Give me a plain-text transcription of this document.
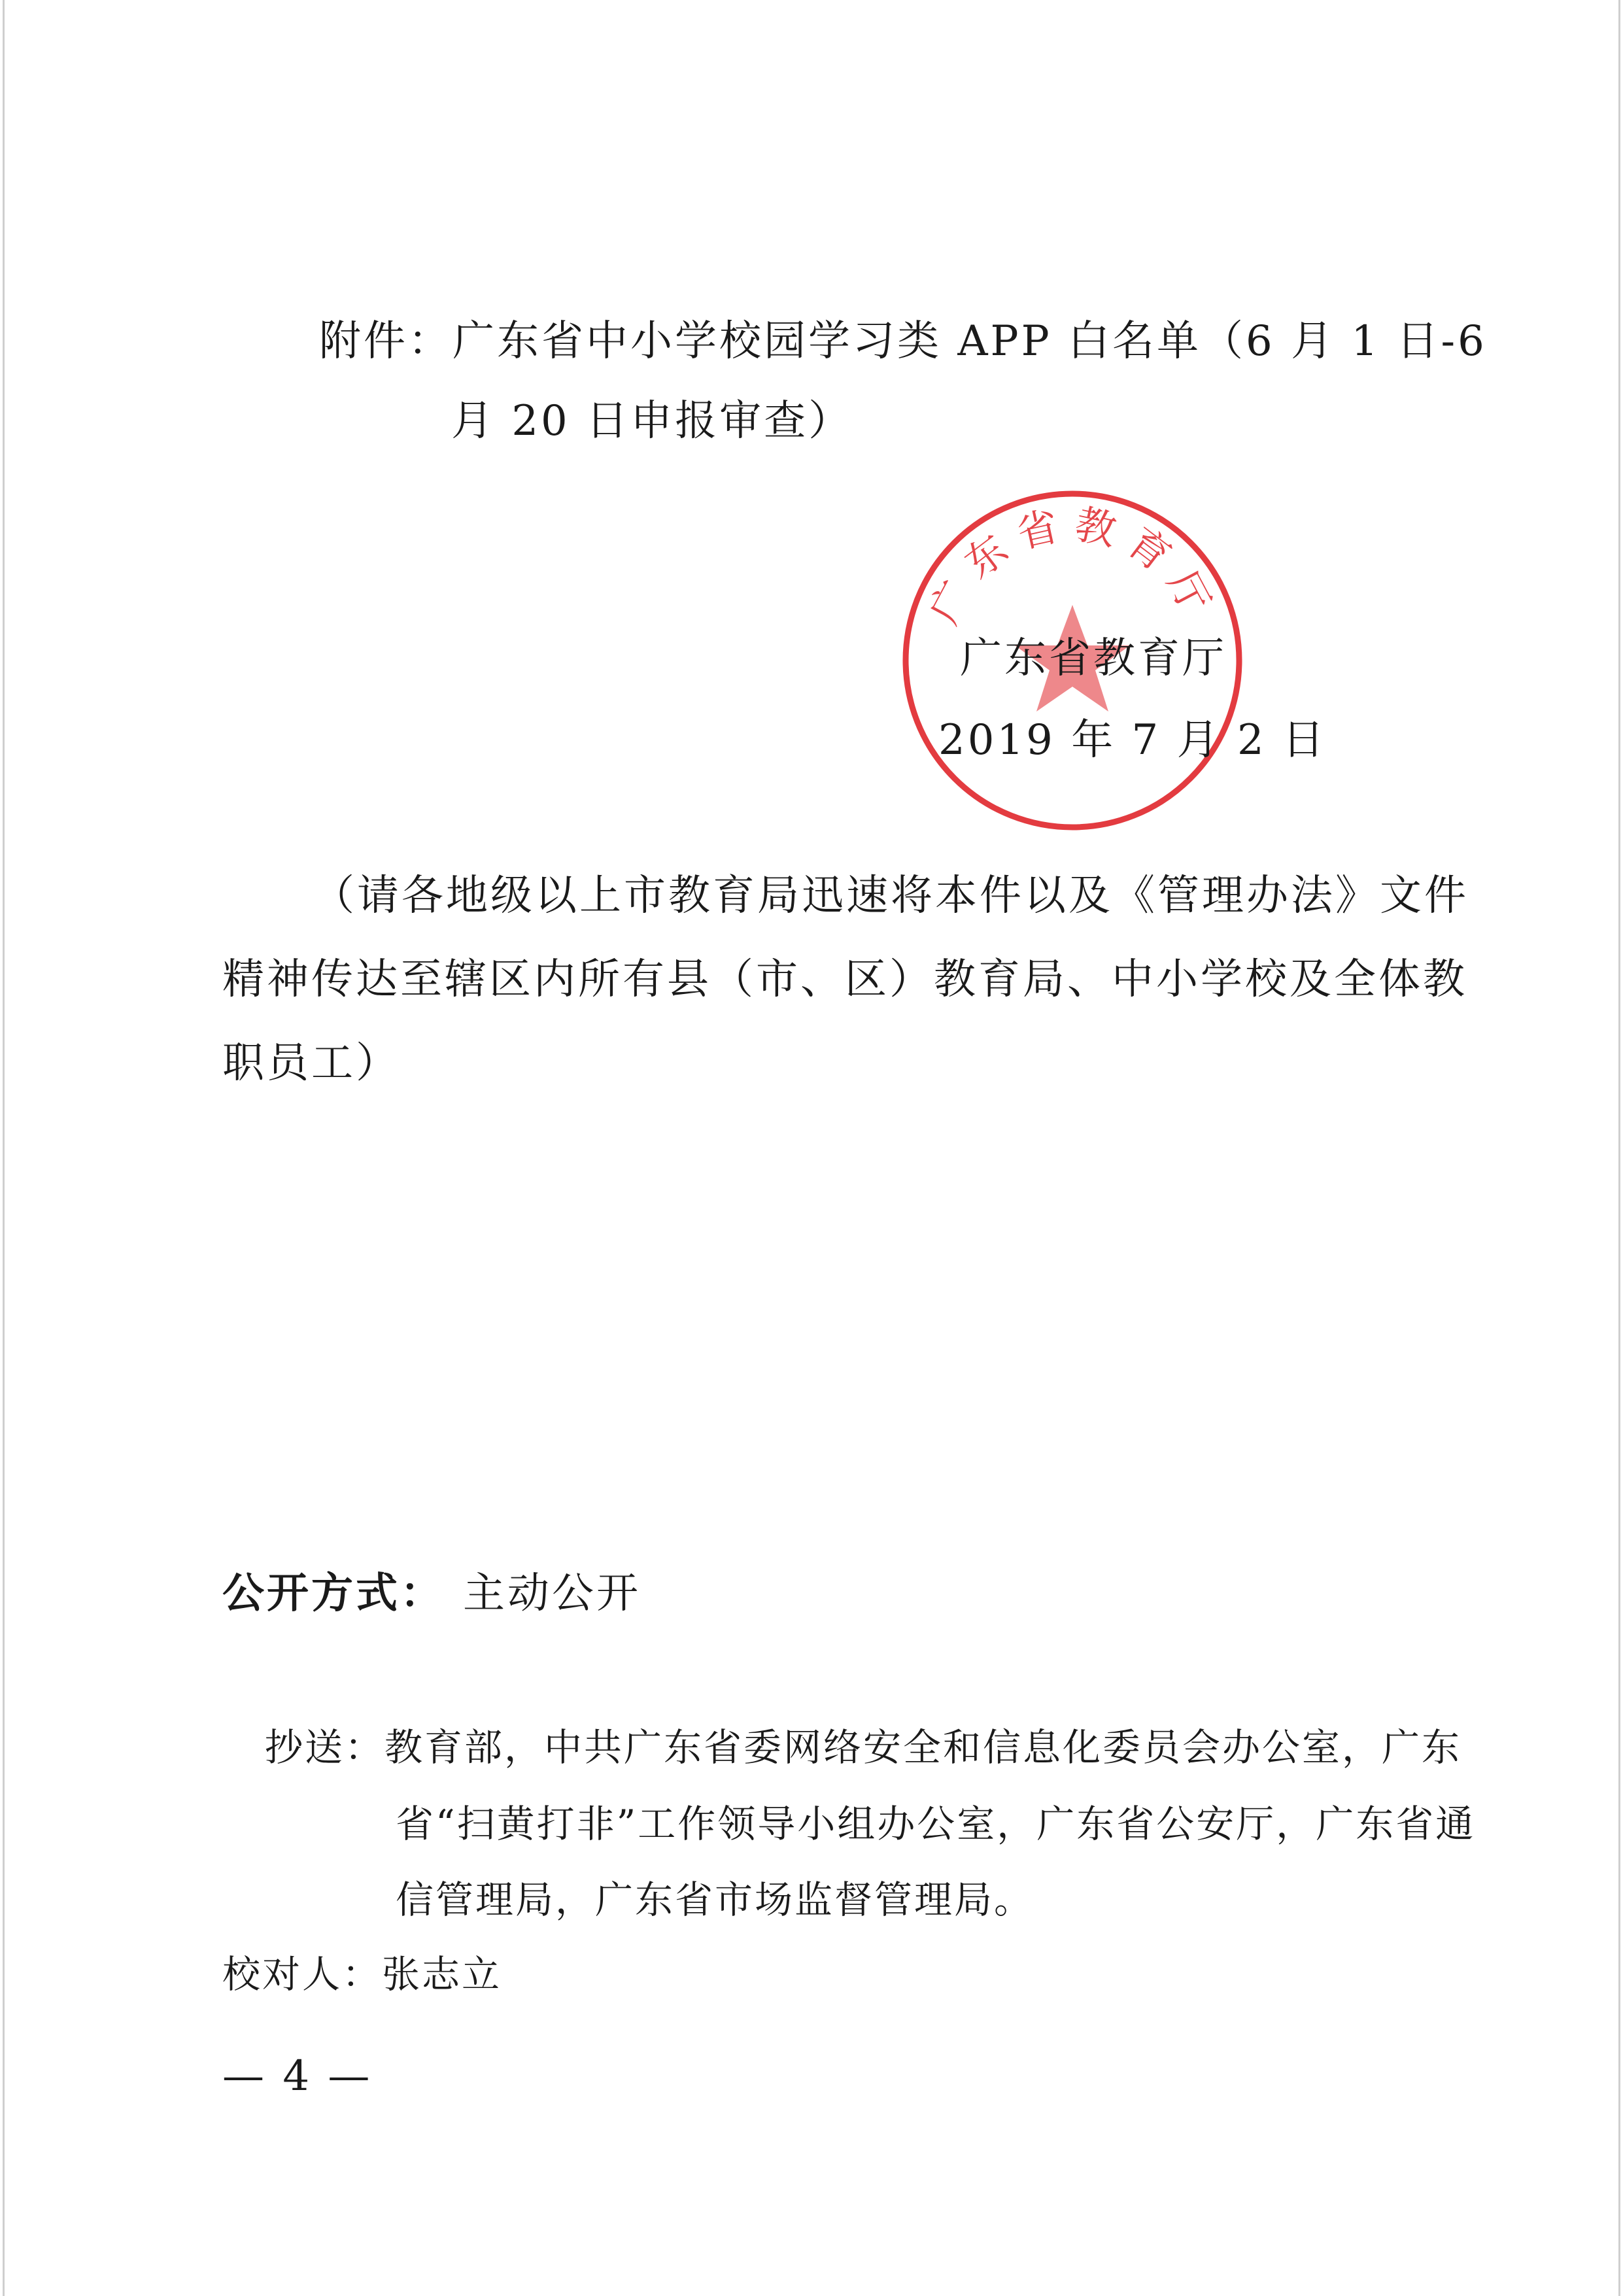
附件：广东省中小学校园学习类 APP 白名单（6 月 1 日-6
月 20 日申报审查）
广东省教育厅
广东省教育厅
2019 年 7 月 2 日
（请各地级以上市教育局迅速将本件以及《管理办法》文件
精神传达至辖区内所有县（市、区）教育局、中小学校及全体教
职员工）
公开方式： 主动公开
抄送：教育部，中共广东省委网络安全和信息化委员会办公室，广东
省“扫黄打非”工作领导小组办公室，广东省公安厅，广东省通
信管理局，广东省市场监督管理局。
校对人：张志立
— 4 —
